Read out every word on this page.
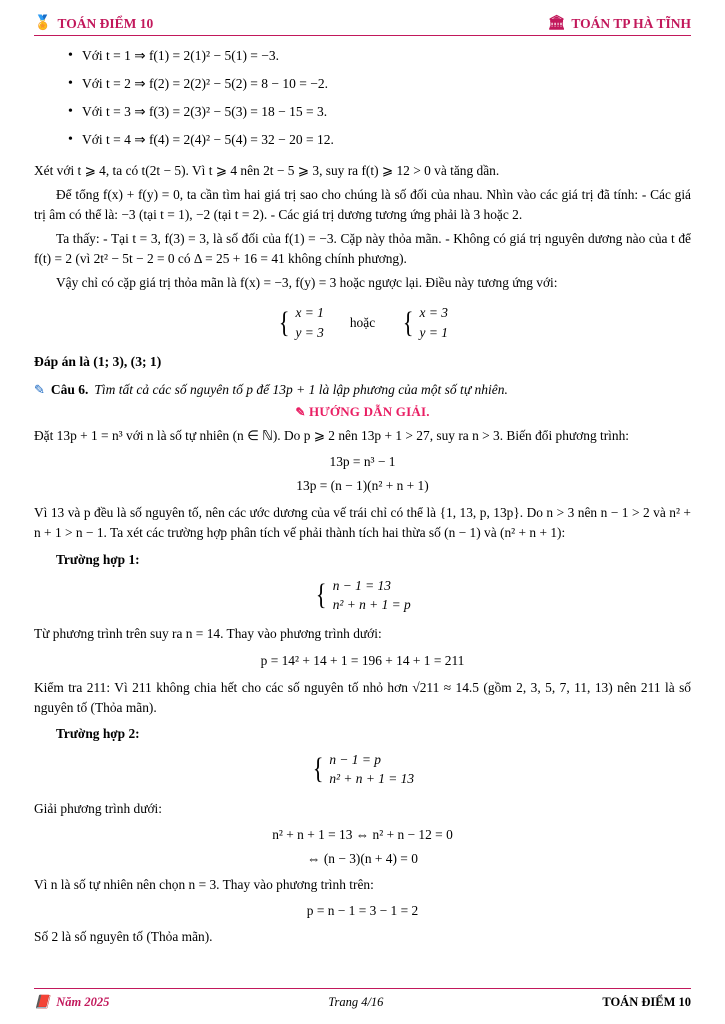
🏅 TOÁN ĐIỂM 10	🏛 TOÁN TP HÀ TĨNH
• Với t = 1 ⇒ f(1) = 2(1)² − 5(1) = −3.
• Với t = 2 ⇒ f(2) = 2(2)² − 5(2) = 8 − 10 = −2.
• Với t = 3 ⇒ f(3) = 2(3)² − 5(3) = 18 − 15 = 3.
• Với t = 4 ⇒ f(4) = 2(4)² − 5(4) = 32 − 20 = 12.

Xét với t ⩾ 4, ta có t(2t − 5). Vì t ⩾ 4 nên 2t − 5 ⩾ 3, suy ra f(t) ⩾ 12 > 0 và tăng dần.

Để tổng f(x) + f(y) = 0, ta cần tìm hai giá trị sao cho chúng là số đối của nhau. Nhìn vào các giá trị đã tính: - Các giá trị âm có thể là: −3 (tại t = 1), −2 (tại t = 2). - Các giá trị dương tương ứng phải là 3 hoặc 2.

Ta thấy: - Tại t = 3, f(3) = 3, là số đối của f(1) = −3. Cặp này thỏa mãn. - Không có giá trị nguyên dương nào của t để f(t) = 2 (vì 2t² − 5t − 2 = 0 có Δ = 25 + 16 = 41 không chính phương).

Vậy chỉ có cặp giá trị thỏa mãn là f(x) = −3, f(y) = 3 hoặc ngược lại. Điều này tương ứng với:

{ x = 1
y = 3
hoặc { x = 3
y = 1
Đáp án là (1; 3), (3; 1)
✎ Câu 6. Tìm tất cả các số nguyên tố p để 13p + 1 là lập phương của một số tự nhiên.
✎ HƯỚNG DẪN GIẢI.

Đặt 13p + 1 = n³ với n là số tự nhiên (n ∈ ℕ). Do p ⩾ 2 nên 13p + 1 > 27, suy ra n > 3. Biến đổi phương trình:

13p = n³ − 1
13p = (n − 1)(n² + n + 1)

Vì 13 và p đều là số nguyên tố, nên các ước dương của vế trái chỉ có thể là {1, 13, p, 13p}. Do n > 3 nên n − 1 > 2 và n² + n + 1 > n − 1. Ta xét các trường hợp phân tích vế phải thành tích hai thừa số (n − 1) và (n² + n + 1):

Trường hợp 1:
{ n − 1 = 13
n² + n + 1 = p

Từ phương trình trên suy ra n = 14. Thay vào phương trình dưới:

p = 14² + 14 + 1 = 196 + 14 + 1 = 211

Kiểm tra 211: Vì 211 không chia hết cho các số nguyên tố nhỏ hơn √211 ≈ 14.5 (gồm 2, 3, 5, 7, 11, 13) nên 211 là số nguyên tố (Thỏa mãn).

Trường hợp 2:
{ n − 1 = p
n² + n + 1 = 13

Giải phương trình dưới:

n² + n + 1 = 13 ⇔ n² + n − 12 = 0
⇔ (n − 3)(n + 4) = 0

Vì n là số tự nhiên nên chọn n = 3. Thay vào phương trình trên:

p = n − 1 = 3 − 1 = 2

Số 2 là số nguyên tố (Thỏa mãn).

📕 Năm 2025	Trang 4/16	TOÁN ĐIỂM 10
